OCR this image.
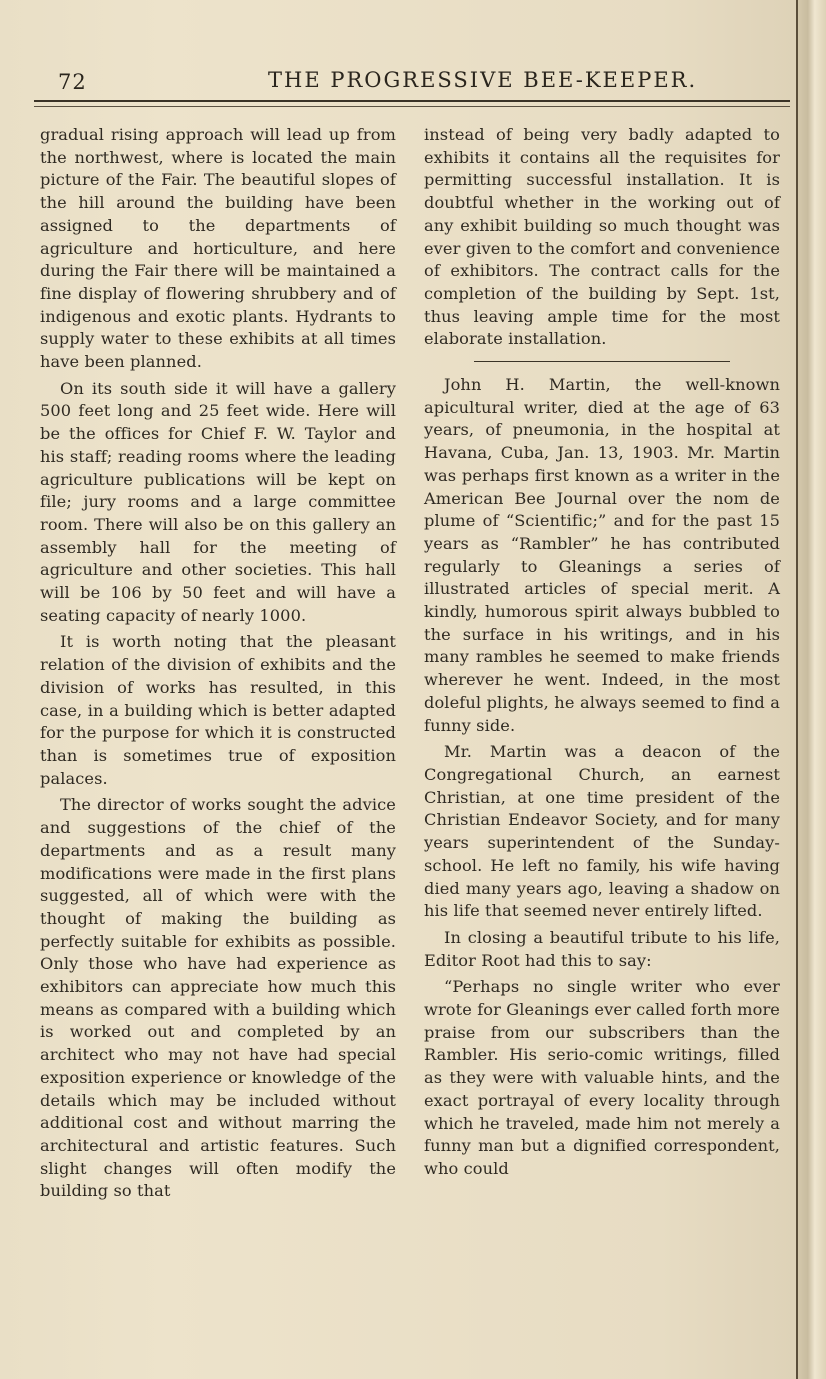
72	THE PROGRESSIVE BEE-KEEPER.

gradual rising approach will lead up from the northwest, where is located the main picture of the Fair. The beautiful slopes of the hill around the building have been assigned to the departments of agriculture and horticulture, and here during the Fair there will be maintained a fine display of flowering shrubbery and of indigenous and exotic plants. Hydrants to supply water to these exhibits at all times have been planned.

On its south side it will have a gallery 500 feet long and 25 feet wide. Here will be the offices for Chief F. W. Taylor and his staff; reading rooms where the leading agriculture publications will be kept on file; jury rooms and a large committee room. There will also be on this gallery an assembly hall for the meeting of agriculture and other societies. This hall will be 106 by 50 feet and will have a seating capacity of nearly 1000.

It is worth noting that the pleasant relation of the division of exhibits and the division of works has resulted, in this case, in a building which is better adapted for the purpose for which it is constructed than is sometimes true of exposition palaces.

The director of works sought the advice and suggestions of the chief of the departments and as a result many modifications were made in the first plans suggested, all of which were with the thought of making the building as perfectly suitable for exhibits as possible. Only those who have had experience as exhibitors can appreciate how much this means as compared with a building which is worked out and completed by an architect who may not have had special exposition experience or knowledge of the details which may be included without additional cost and without marring the architectural and artistic features. Such slight changes will often modify the building so that

instead of being very badly adapted to exhibits it contains all the requisites for permitting successful installation. It is doubtful whether in the working out of any exhibit building so much thought was ever given to the comfort and convenience of exhibitors. The contract calls for the completion of the building by Sept. 1st, thus leaving ample time for the most elaborate installation.

John H. Martin, the well-known apicultural writer, died at the age of 63 years, of pneumonia, in the hospital at Havana, Cuba, Jan. 13, 1903. Mr. Martin was perhaps first known as a writer in the American Bee Journal over the nom de plume of “Scientific;” and for the past 15 years as “Rambler” he has contributed regularly to Gleanings a series of illustrated articles of special merit. A kindly, humorous spirit always bubbled to the surface in his writings, and in his many rambles he seemed to make friends wherever he went. Indeed, in the most doleful plights, he always seemed to find a funny side.

Mr. Martin was a deacon of the Congregational Church, an earnest Christian, at one time president of the Christian Endeavor Society, and for many years superintendent of the Sunday-school. He left no family, his wife having died many years ago, leaving a shadow on his life that seemed never entirely lifted.

In closing a beautiful tribute to his life, Editor Root had this to say:

“Perhaps no single writer who ever wrote for Gleanings ever called forth more praise from our subscribers than the Rambler. His serio-comic writings, filled as they were with valuable hints, and the exact portrayal of every locality through which he traveled, made him not merely a funny man but a dignified correspondent, who could
